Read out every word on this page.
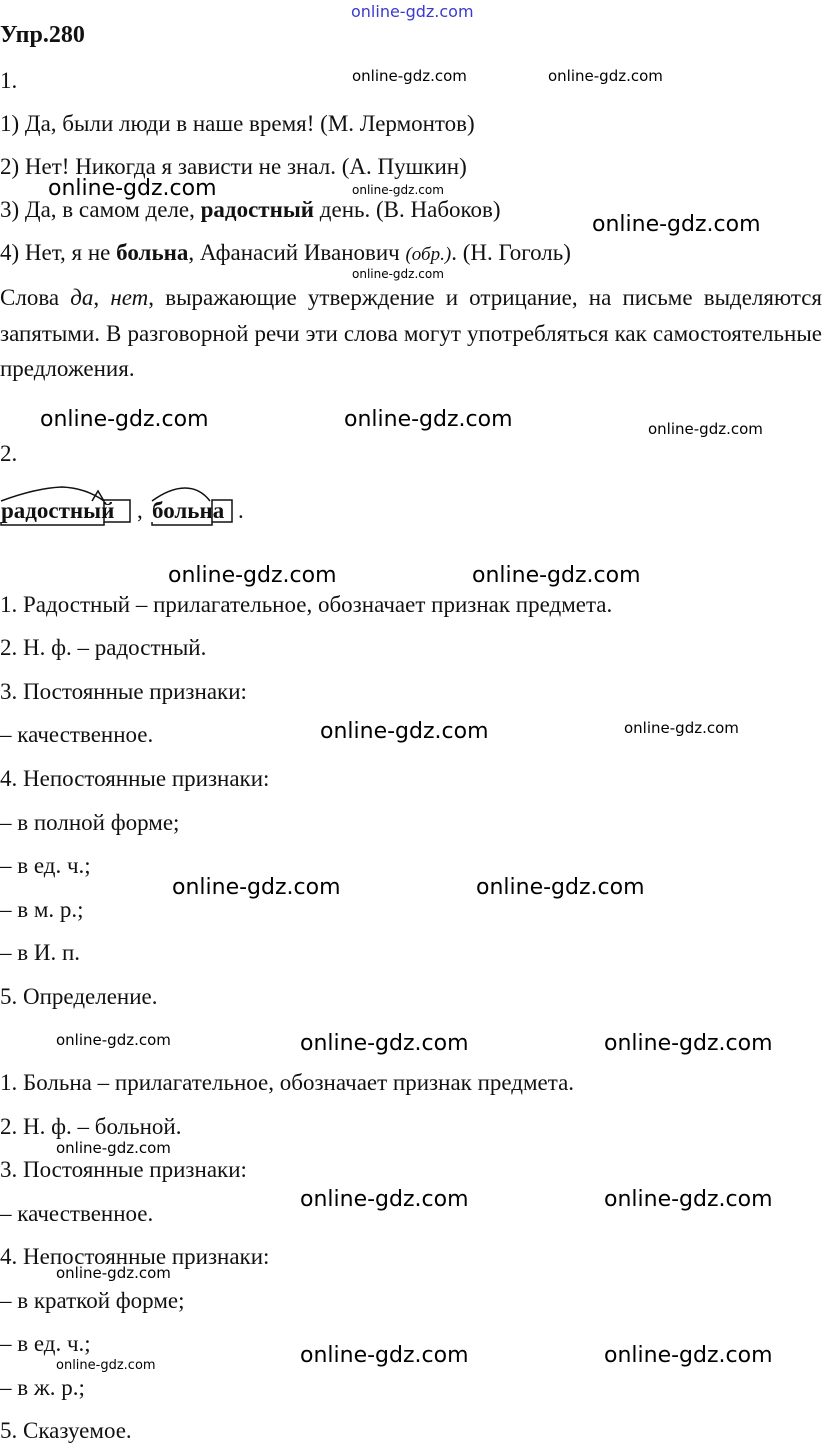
online-gdz.com
Упр.280
1.
1) Да, были люди в наше время! (М. Лермонтов)
2) Нет! Никогда я зависти не знал. (А. Пушкин)
3) Да, в самом деле, радостный день. (В. Набоков)
4) Нет, я не больна, Афанасий Иванович (обр.). (Н. Гоголь)
Слова да, нет, выражающие утверждение и отрицание, на письме выделяются запятыми. В разговорной речи эти слова могут употребляться как самостоятельные предложения.
2.
радостный , больна .
1. Радостный – прилагательное, обозначает признак предмета.
2. Н. ф. – радостный.
3. Постоянные признаки:
– качественное.
4. Непостоянные признаки:
– в полной форме;
– в ед. ч.;
– в м. р.;
– в И. п.
5. Определение.
1. Больна – прилагательное, обозначает признак предмета.
2. Н. ф. – больной.
3. Постоянные признаки:
– качественное.
4. Непостоянные признаки:
– в краткой форме;
– в ед. ч.;
– в ж. р.;
5. Сказуемое.
online-gdz.com	online-gdz.com
online-gdz.com	online-gdz.com
online-gdz.com
online-gdz.com
online-gdz.com	online-gdz.com	online-gdz.com
online-gdz.com	online-gdz.com
online-gdz.com	online-gdz.com
online-gdz.com	online-gdz.com
online-gdz.com	online-gdz.com	online-gdz.com
online-gdz.com
online-gdz.com	online-gdz.com
online-gdz.com
online-gdz.com	online-gdz.com
online-gdz.com
